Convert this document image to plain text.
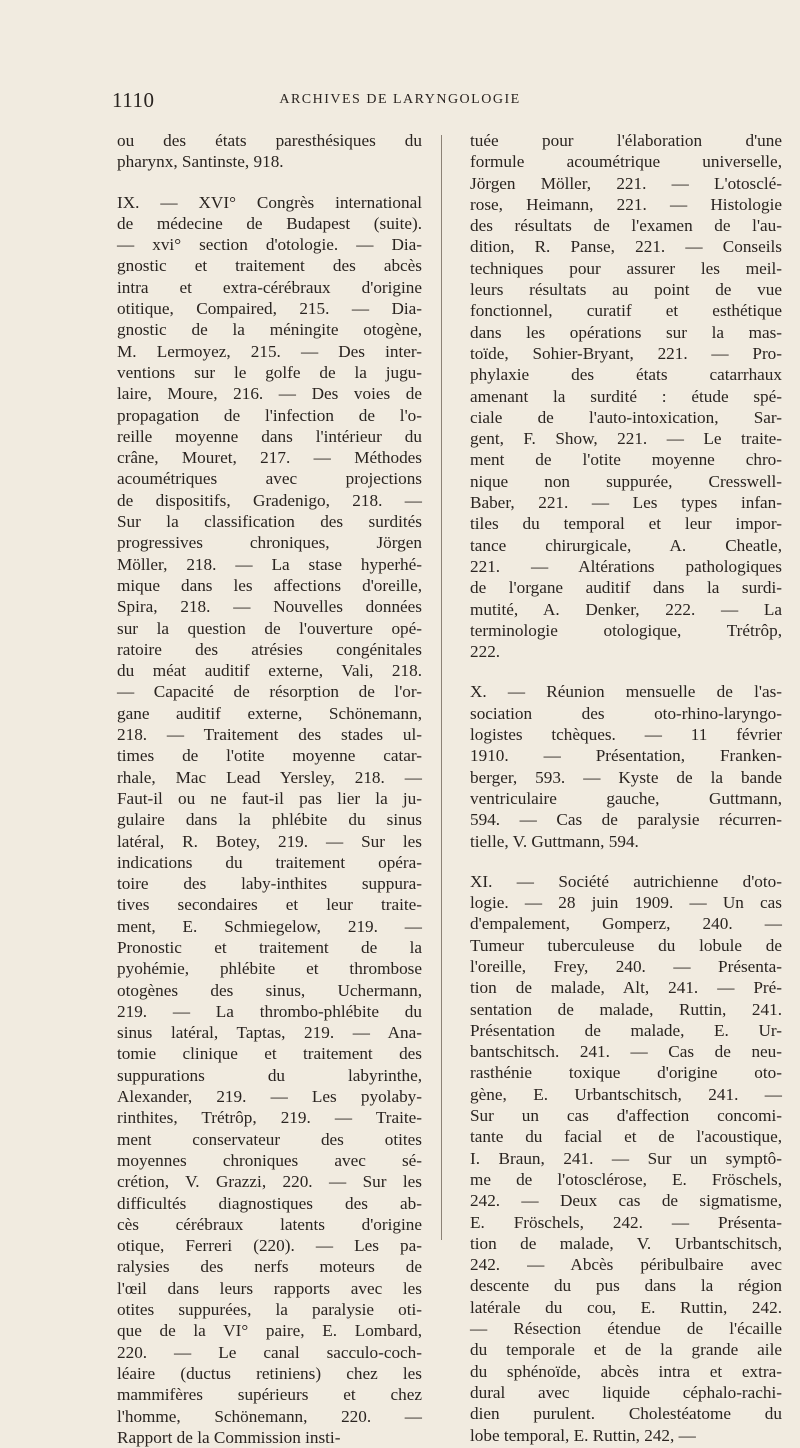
1110	ARCHIVES DE LARYNGOLOGIE
ou des états paresthésiques du
pharynx, Santinste, 918.
IX. — XVI° Congrès international
de médecine de Budapest (suite).
— xvi° section d'otologie. — Dia-
gnostic et traitement des abcès
intra et extra-cérébraux d'origine
otitique, Compaired, 215. — Dia-
gnostic de la méningite otogène,
M. Lermoyez, 215. — Des inter-
ventions sur le golfe de la jugu-
laire, Moure, 216. — Des voies de
propagation de l'infection de l'o-
reille moyenne dans l'intérieur du
crâne, Mouret, 217. — Méthodes
acoumétriques avec projections
de dispositifs, Gradenigo, 218. —
Sur la classification des surdités
progressives chroniques, Jörgen
Möller, 218. — La stase hyperhé-
mique dans les affections d'oreille,
Spira, 218. — Nouvelles données
sur la question de l'ouverture opé-
ratoire des atrésies congénitales
du méat auditif externe, Vali, 218.
— Capacité de résorption de l'or-
gane auditif externe, Schönemann,
218. — Traitement des stades ul-
times de l'otite moyenne catar-
rhale, Mac Lead Yersley, 218. —
Faut-il ou ne faut-il pas lier la ju-
gulaire dans la phlébite du sinus
latéral, R. Botey, 219. — Sur les
indications du traitement opéra-
toire des laby-inthites suppura-
tives secondaires et leur traite-
ment, E. Schmiegelow, 219. —
Pronostic et traitement de la
pyohémie, phlébite et thrombose
otogènes des sinus, Uchermann,
219. — La thrombo-phlébite du
sinus latéral, Taptas, 219. — Ana-
tomie clinique et traitement des
suppurations du labyrinthe,
Alexander, 219. — Les pyolaby-
rinthites, Trétrôp, 219. — Traite-
ment conservateur des otites
moyennes chroniques avec sé-
crétion, V. Grazzi, 220. — Sur les
difficultés diagnostiques des ab-
cès cérébraux latents d'origine
otique, Ferreri (220). — Les pa-
ralysies des nerfs moteurs de
l'œil dans leurs rapports avec les
otites suppurées, la paralysie oti-
que de la VI° paire, E. Lombard,
220. — Le canal sacculo-coch-
léaire (ductus retiniens) chez les
mammifères supérieurs et chez
l'homme, Schönemann, 220. —
Rapport de la Commission insti-
tuée pour l'élaboration d'une
formule acoumétrique universelle,
Jörgen Möller, 221. — L'otosclé-
rose, Heimann, 221. — Histologie
des résultats de l'examen de l'au-
dition, R. Panse, 221. — Conseils
techniques pour assurer les meil-
leurs résultats au point de vue
fonctionnel, curatif et esthétique
dans les opérations sur la mas-
toïde, Sohier-Bryant, 221. — Pro-
phylaxie des états catarrhaux
amenant la surdité : étude spé-
ciale de l'auto-intoxication, Sar-
gent, F. Show, 221. — Le traite-
ment de l'otite moyenne chro-
nique non suppurée, Cresswell-
Baber, 221. — Les types infan-
tiles du temporal et leur impor-
tance chirurgicale, A. Cheatle,
221. — Altérations pathologiques
de l'organe auditif dans la surdi-
mutité, A. Denker, 222. — La
terminologie otologique, Trétrôp,
222.
X. — Réunion mensuelle de l'as-
sociation des oto-rhino-laryngo-
logistes tchèques. — 11 février
1910. — Présentation, Franken-
berger, 593. — Kyste de la bande
ventriculaire gauche, Guttmann,
594. — Cas de paralysie récurren-
tielle, V. Guttmann, 594.
XI. — Société autrichienne d'oto-
logie. — 28 juin 1909. — Un cas
d'empalement, Gomperz, 240. —
Tumeur tuberculeuse du lobule de
l'oreille, Frey, 240. — Présenta-
tion de malade, Alt, 241. — Pré-
sentation de malade, Ruttin, 241.
Présentation de malade, E. Ur-
bantschitsch. 241. — Cas de neu-
rasthénie toxique d'origine oto-
gène, E. Urbantschitsch, 241. —
Sur un cas d'affection concomi-
tante du facial et de l'acoustique,
I. Braun, 241. — Sur un symptô-
me de l'otosclérose, E. Fröschels,
242. — Deux cas de sigmatisme,
E. Fröschels, 242. — Présenta-
tion de malade, V. Urbantschitsch,
242. — Abcès péribulbaire avec
descente du pus dans la région
latérale du cou, E. Ruttin, 242.
— Résection étendue de l'écaille
du temporale et de la grande aile
du sphénoïde, abcès intra et extra-
dural avec liquide céphalo-rachi-
dien purulent. Cholestéatome du
lobe temporal, E. Ruttin, 242, —
